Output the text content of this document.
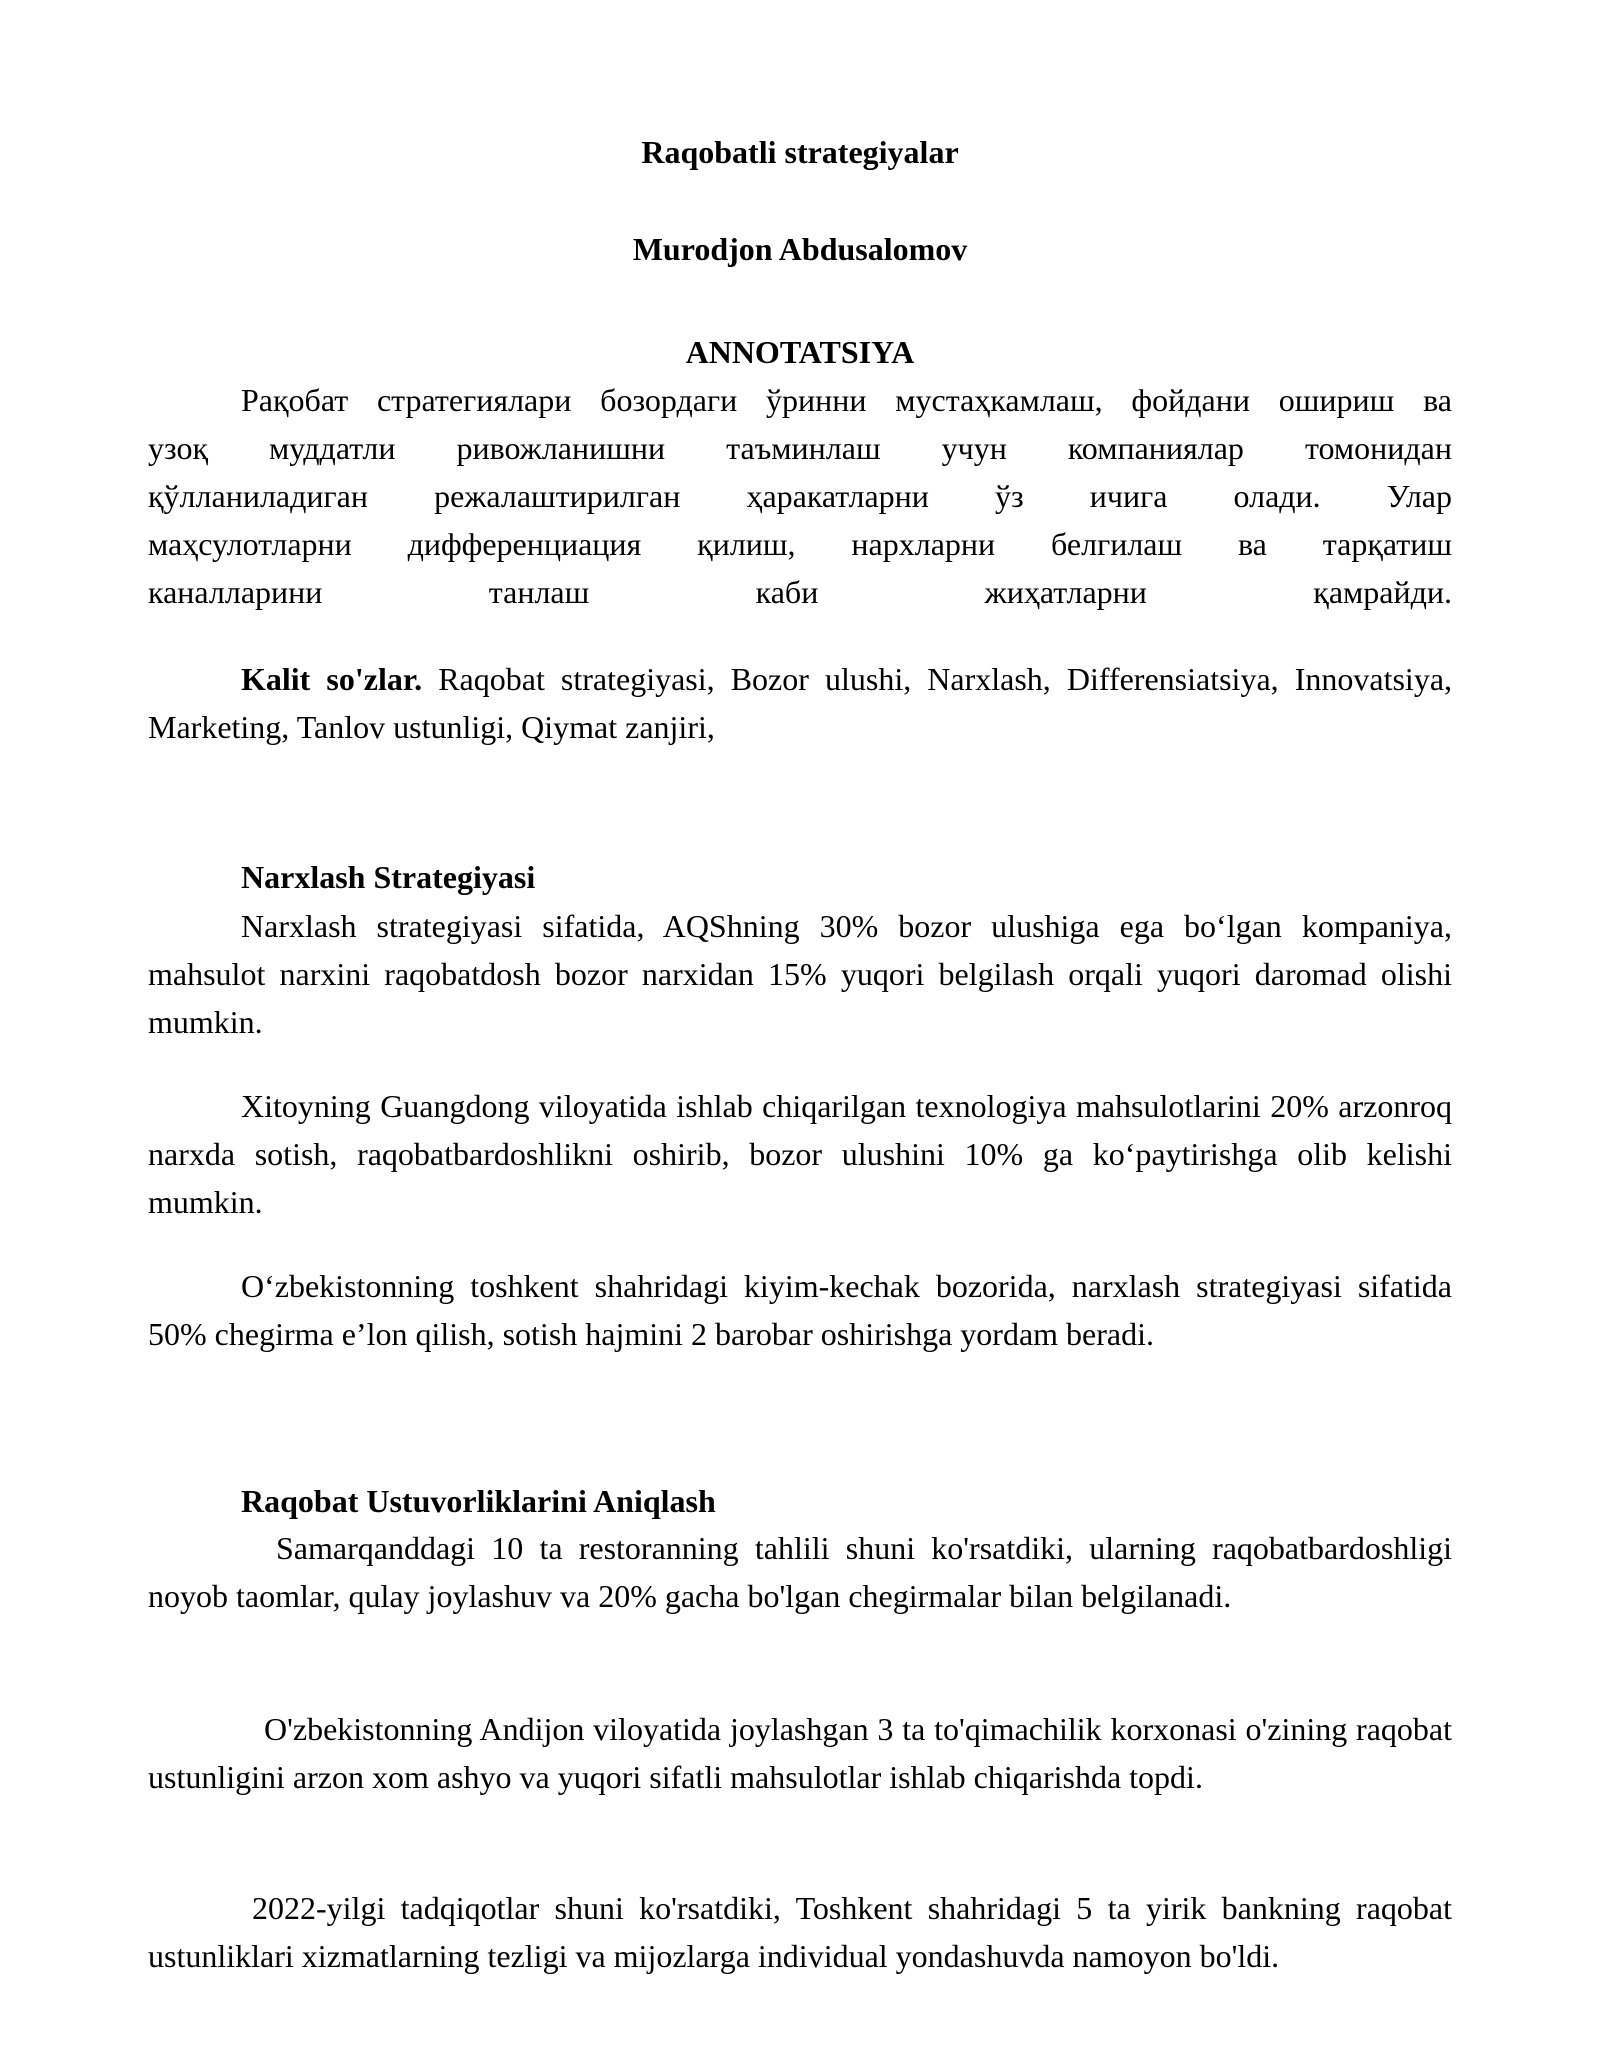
Raqobatli strategiyalar

Murodjon Abdusalomov

ANNOTATSIYA

Рақобат стратегиялари бозордаги ўринни мустаҳкамлаш, фойдани ошириш ва

узоқ муддатли ривожланишни таъминлаш учун компаниялар томонидан

қўлланиладиган режалаштирилган ҳаракатларни ўз ичига олади. Улар

маҳсулотларни дифференциация қилиш, нархларни белгилаш ва тарқатиш

каналларини танлаш каби жиҳатларни қамрайди.

Kalit so'zlar. Raqobat strategiyasi, Bozor ulushi, Narxlash, Differensiatsiya, Innovatsiya, Marketing, Tanlov ustunligi, Qiymat zanjiri,

Narxlash Strategiyasi

Narxlash strategiyasi sifatida, AQShning 30% bozor ulushiga ega boʻlgan kompaniya, mahsulot narxini raqobatdosh bozor narxidan 15% yuqori belgilash orqali yuqori daromad olishi mumkin.

Xitoyning Guangdong viloyatida ishlab chiqarilgan texnologiya mahsulotlarini 20% arzonroq narxda sotish, raqobatbardoshlikni oshirib, bozor ulushini 10% ga koʻpaytirishga olib kelishi mumkin.

Oʻzbekistonning toshkent shahridagi kiyim-kechak bozorida, narxlash strategiyasi sifatida 50% chegirma e’lon qilish, sotish hajmini 2 barobar oshirishga yordam beradi.

Raqobat Ustuvorliklarini Aniqlash

Samarqanddagi 10 ta restoranning tahlili shuni ko'rsatdiki, ularning raqobatbardoshligi noyob taomlar, qulay joylashuv va 20% gacha bo'lgan chegirmalar bilan belgilanadi.

O'zbekistonning Andijon viloyatida joylashgan 3 ta to'qimachilik korxonasi o'zining raqobat ustunligini arzon xom ashyo va yuqori sifatli mahsulotlar ishlab chiqarishda topdi.

2022-yilgi tadqiqotlar shuni ko'rsatdiki, Toshkent shahridagi 5 ta yirik bankning raqobat ustunliklari xizmatlarning tezligi va mijozlarga individual yondashuvda namoyon bo'ldi.
